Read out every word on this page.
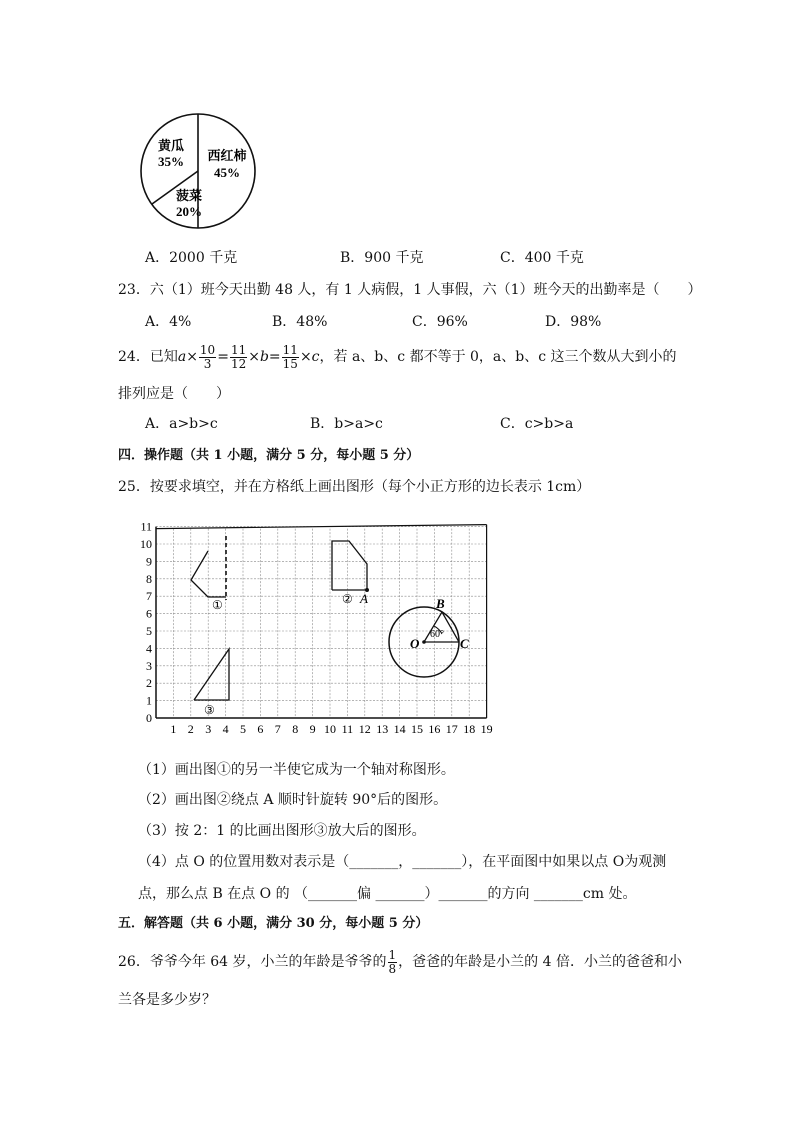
黄瓜
35% 西红柿
45%
菠菜
20%
A．2000 千克	B．900 千克	C．400 千克
23．六（1）班今天出勤 48 人，有 1 人病假，1 人事假，六（1）班今天的出勤率是（　　）
A．4%	B．48%	C．96%	D．98%
24．已知 $a \times \frac{10}{3} = \frac{11}{12} \times b = \frac{11}{15} \times c$ ，若 a、b、c 都不等于 0，a、b、c 这三个数从大到小的
排列应是（　　）
A．a>b>c	B．b>a>c	C．c>b>a
四．操作题（共 1 小题，满分 5 分，每小题 5 分）
25．按要求填空，并在方格纸上画出图形（每个小正方形的边长表示 1cm）
1 2 3 4 5 6 7 8 9 10 11 12 13 14 15 16 17 18 19
0
1
2
3
4
5
6
7
8
9
10
11
①	② A
③
B
O	C
60°
（1）画出图①的另一半使它成为一个轴对称图形。
（2）画出图②绕点 A 顺时针旋转 90°后的图形。
（3）按 2：1 的比画出图形③放大后的图形。
（4）点 O 的位置用数对表示是（_______，_______），在平面图中如果以点 O为观测
点，那么点 B 在点 O 的 （_______偏 _______）_______的方向 _______cm 处。
五．解答题（共 6 小题，满分 30 分，每小题 5 分）
26．爷爷今年 64 岁，小兰的年龄是爷爷的 $\frac{1}{8}$ ，爸爸的年龄是小兰的 4 倍．小兰的爸爸和小
兰各是多少岁？
